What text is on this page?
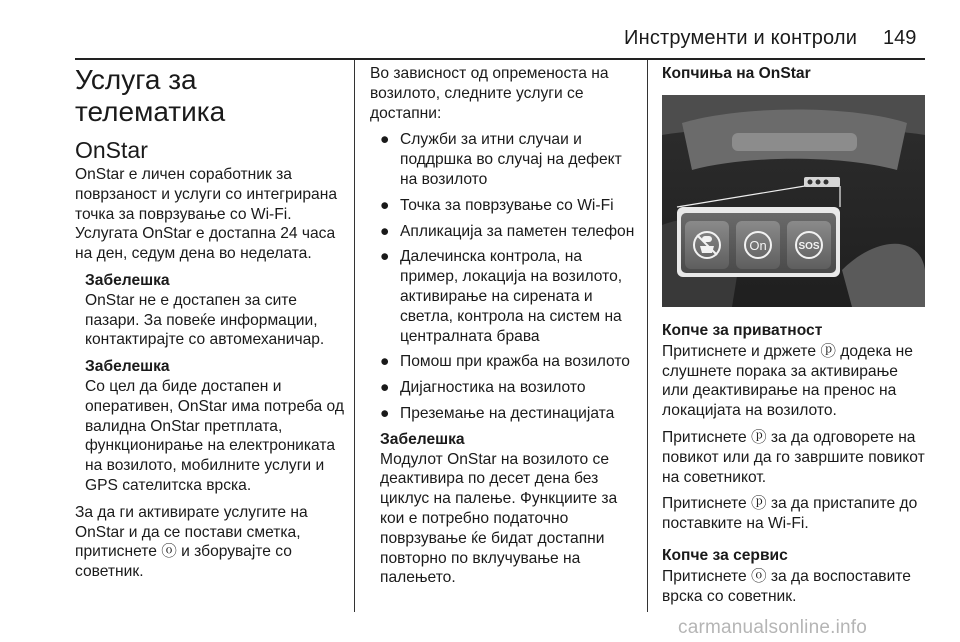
Инструменти и контроли 149
Услуга за телематика
OnStar

OnStar е личен соработник за поврзаност и услуги со интегрирана точка за поврзување со Wi-Fi. Услугата OnStar е достапна 24 часа на ден, седум дена во неделата.

Забелешка
OnStar не е достапен за сите пазари. За повеќе информации, контактирајте со автомеханичар.
Забелешка
Со цел да биде достапен и оперативен, OnStar има потреба од валидна OnStar претплата, функционирање на електрониката на возилото, мобилните услуги и GPS сателитска врска.

За да ги активирате услугите на OnStar и да се постави сметка, притиснете ⓞ и зборувајте со советник.

Во зависност од опременоста на возилото, следните услуги се достапни:

● Служби за итни случаи и поддршка во случај на дефект на возилото
● Точка за поврзување со Wi-Fi
● Апликација за паметен телефон
● Далечинска контрола, на пример, локација на возилото, активирање на сирената и светла, контрола на систем на централната брава
● Помош при кражба на возилото
● Дијагностика на возилото
● Преземање на дестинацијата
Забелешка
Модулот OnStar на возилото се деактивира по десет дена без циклус на палење. Функциите за кои е потребно податочно поврзување ќе бидат достапни повторно по вклучување на палењето.
Копчиња на OnStar
On	SOS
Копче за приватност

Притиснете и држете ⓟ додека не слушнете порака за активирање или деактивирање на пренос на локацијата на возилото.

Притиснете ⓟ за да одговорете на повикот или да го завршите повикот на советникот.

Притиснете ⓟ за да пристапите до поставките на Wi-Fi.

Копче за сервис

Притиснете ⓞ за да воспоставите врска со советник.

carmanualsonline.info
